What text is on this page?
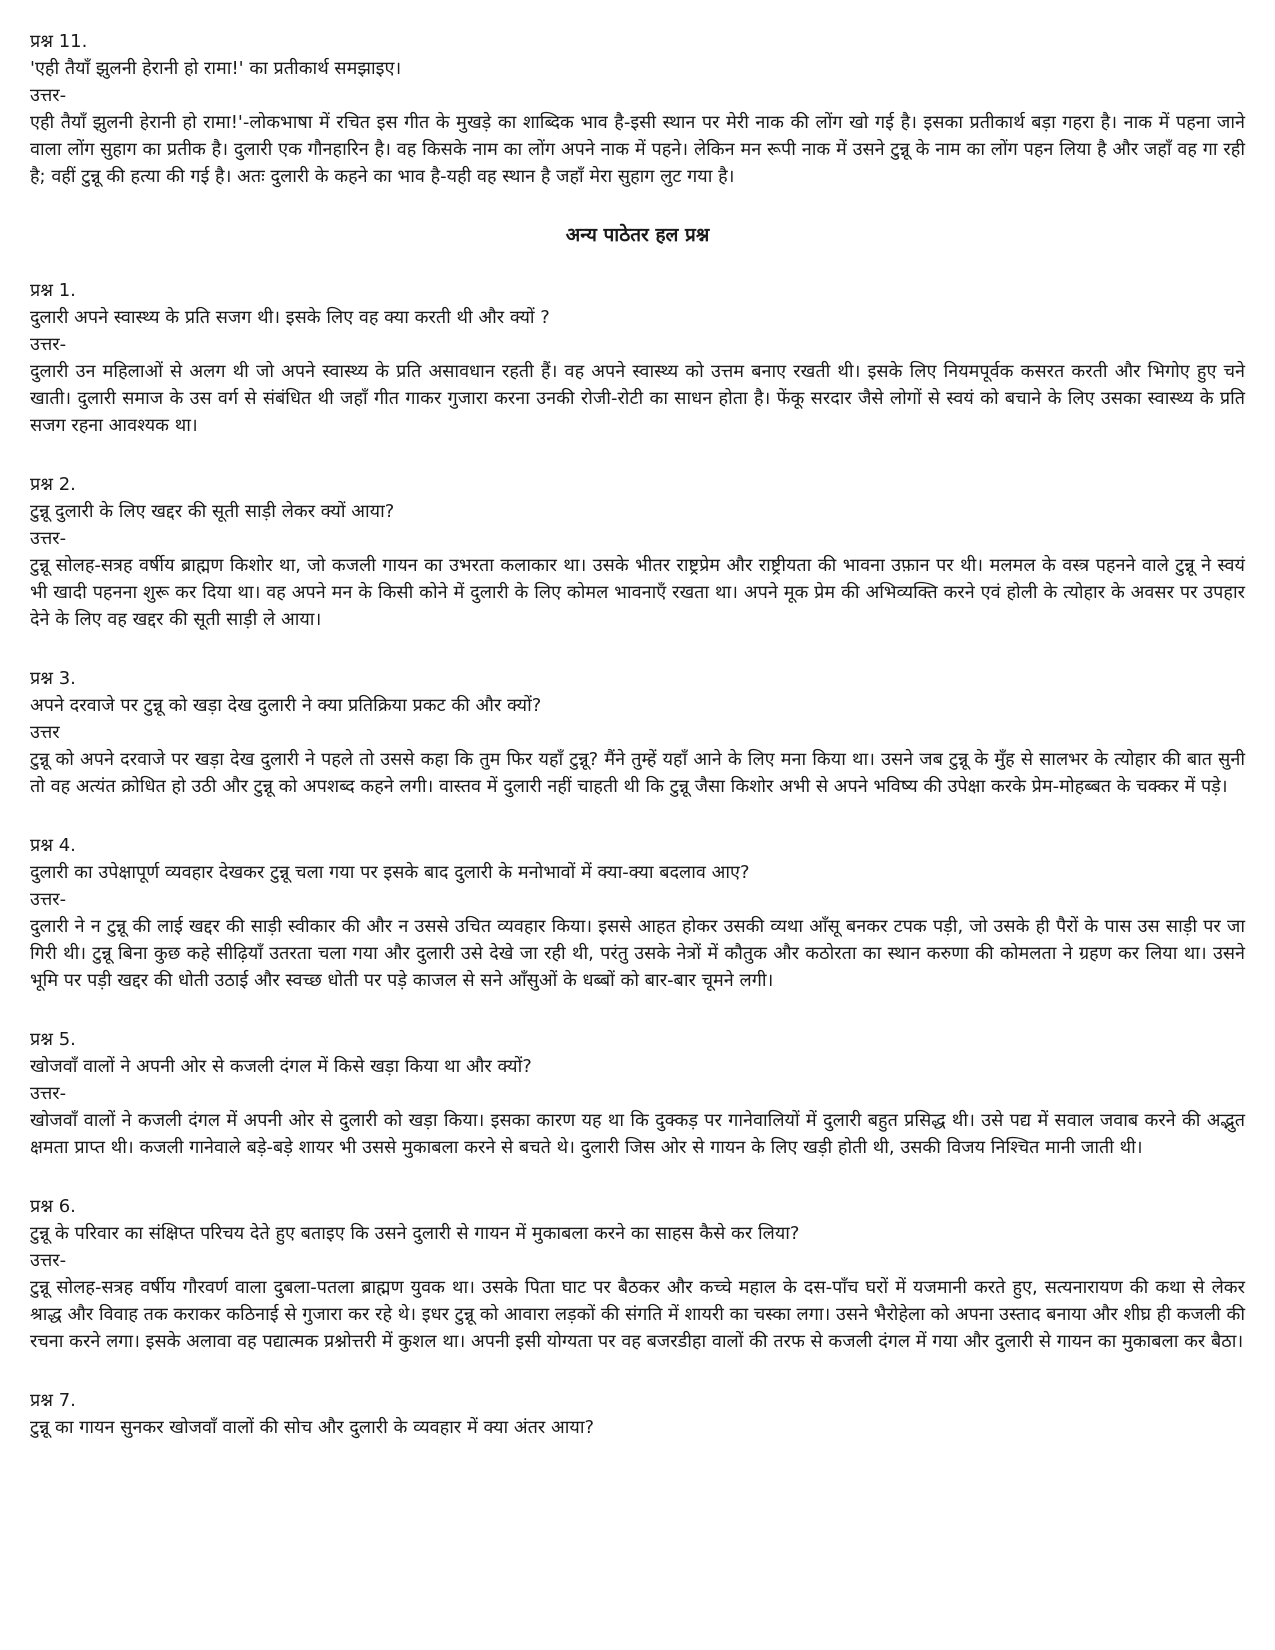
प्रश्न 11.

'एही तैयाँ झुलनी हेरानी हो रामा!' का प्रतीकार्थ समझाइए।

उत्तर-

एही तैयाँ झुलनी हेरानी हो रामा!'-लोकभाषा में रचित इस गीत के मुखड़े का शाब्दिक भाव है-इसी स्थान पर मेरी नाक की लोंग खो गई है। इसका प्रतीकार्थ बड़ा गहरा है। नाक में पहना जाने वाला लोंग सुहाग का प्रतीक है। दुलारी एक गौनहारिन है। वह किसके नाम का लोंग अपने नाक में पहने। लेकिन मन रूपी नाक में उसने टुन्नू के नाम का लोंग पहन लिया है और जहाँ वह गा रही है; वहीं टुन्नू की हत्या की गई है। अतः दुलारी के कहने का भाव है-यही वह स्थान है जहाँ मेरा सुहाग लुट गया है।

अन्य पाठेतर हल प्रश्न

प्रश्न 1.

दुलारी अपने स्वास्थ्य के प्रति सजग थी। इसके लिए वह क्या करती थी और क्यों ?

उत्तर-

दुलारी उन महिलाओं से अलग थी जो अपने स्वास्थ्य के प्रति असावधान रहती हैं। वह अपने स्वास्थ्य को उत्तम बनाए रखती थी। इसके लिए नियमपूर्वक कसरत करती और भिगोए हुए चने खाती। दुलारी समाज के उस वर्ग से संबंधित थी जहाँ गीत गाकर गुजारा करना उनकी रोजी-रोटी का साधन होता है। फेंकू सरदार जैसे लोगों से स्वयं को बचाने के लिए उसका स्वास्थ्य के प्रति सजग रहना आवश्यक था।

प्रश्न 2.

टुन्नू दुलारी के लिए खद्दर की सूती साड़ी लेकर क्यों आया?

उत्तर-

टुन्नू सोलह-सत्रह वर्षीय ब्राह्मण किशोर था, जो कजली गायन का उभरता कलाकार था। उसके भीतर राष्ट्रप्रेम और राष्ट्रीयता की भावना उफ़ान पर थी। मलमल के वस्त्र पहनने वाले टुन्नू ने स्वयं भी खादी पहनना शुरू कर दिया था। वह अपने मन के किसी कोने में दुलारी के लिए कोमल भावनाएँ रखता था। अपने मूक प्रेम की अभिव्यक्ति करने एवं होली के त्योहार के अवसर पर उपहार देने के लिए वह खद्दर की सूती साड़ी ले आया।

प्रश्न 3.

अपने दरवाजे पर टुन्नू को खड़ा देख दुलारी ने क्या प्रतिक्रिया प्रकट की और क्यों?

उत्तर

टुन्नू को अपने दरवाजे पर खड़ा देख दुलारी ने पहले तो उससे कहा कि तुम फिर यहाँ टुन्नू? मैंने तुम्हें यहाँ आने के लिए मना किया था। उसने जब टुन्नू के मुँह से सालभर के त्योहार की बात सुनी तो वह अत्यंत क्रोधित हो उठी और टुन्नू को अपशब्द कहने लगी। वास्तव में दुलारी नहीं चाहती थी कि टुन्नू जैसा किशोर अभी से अपने भविष्य की उपेक्षा करके प्रेम-मोहब्बत के चक्कर में पड़े।

प्रश्न 4.

दुलारी का उपेक्षापूर्ण व्यवहार देखकर टुन्नू चला गया पर इसके बाद दुलारी के मनोभावों में क्या-क्या बदलाव आए?

उत्तर-

दुलारी ने न टुन्नू की लाई खद्दर की साड़ी स्वीकार की और न उससे उचित व्यवहार किया। इससे आहत होकर उसकी व्यथा आँसू बनकर टपक पड़ी, जो उसके ही पैरों के पास उस साड़ी पर जा गिरी थी। टुन्नू बिना कुछ कहे सीढ़ियाँ उतरता चला गया और दुलारी उसे देखे जा रही थी, परंतु उसके नेत्रों में कौतुक और कठोरता का स्थान करुणा की कोमलता ने ग्रहण कर लिया था। उसने भूमि पर पड़ी खद्दर की धोती उठाई और स्वच्छ धोती पर पड़े काजल से सने आँसुओं के धब्बों को बार-बार चूमने लगी।

प्रश्न 5.

खोजवाँ वालों ने अपनी ओर से कजली दंगल में किसे खड़ा किया था और क्यों?

उत्तर-

खोजवाँ वालों ने कजली दंगल में अपनी ओर से दुलारी को खड़ा किया। इसका कारण यह था कि दुक्कड़ पर गानेवालियों में दुलारी बहुत प्रसिद्ध थी। उसे पद्य में सवाल जवाब करने की अद्भुत क्षमता प्राप्त थी। कजली गानेवाले बड़े-बड़े शायर भी उससे मुकाबला करने से बचते थे। दुलारी जिस ओर से गायन के लिए खड़ी होती थी, उसकी विजय निश्चित मानी जाती थी।

प्रश्न 6.

टुन्नू के परिवार का संक्षिप्त परिचय देते हुए बताइए कि उसने दुलारी से गायन में मुकाबला करने का साहस कैसे कर लिया?

उत्तर-

टुन्नू सोलह-सत्रह वर्षीय गौरवर्ण वाला दुबला-पतला ब्राह्मण युवक था। उसके पिता घाट पर बैठकर और कच्चे महाल के दस-पाँच घरों में यजमानी करते हुए, सत्यनारायण की कथा से लेकर श्राद्ध और विवाह तक कराकर कठिनाई से गुजारा कर रहे थे। इधर टुन्नू को आवारा लड़कों की संगति में शायरी का चस्का लगा। उसने भैरोहेला को अपना उस्ताद बनाया और शीघ्र ही कजली की रचना करने लगा। इसके अलावा वह पद्यात्मक प्रश्नोत्तरी में कुशल था। अपनी इसी योग्यता पर वह बजरडीहा वालों की तरफ से कजली दंगल में गया और दुलारी से गायन का मुकाबला कर बैठा।

प्रश्न 7.

टुन्नू का गायन सुनकर खोजवाँ वालों की सोच और दुलारी के व्यवहार में क्या अंतर आया?
